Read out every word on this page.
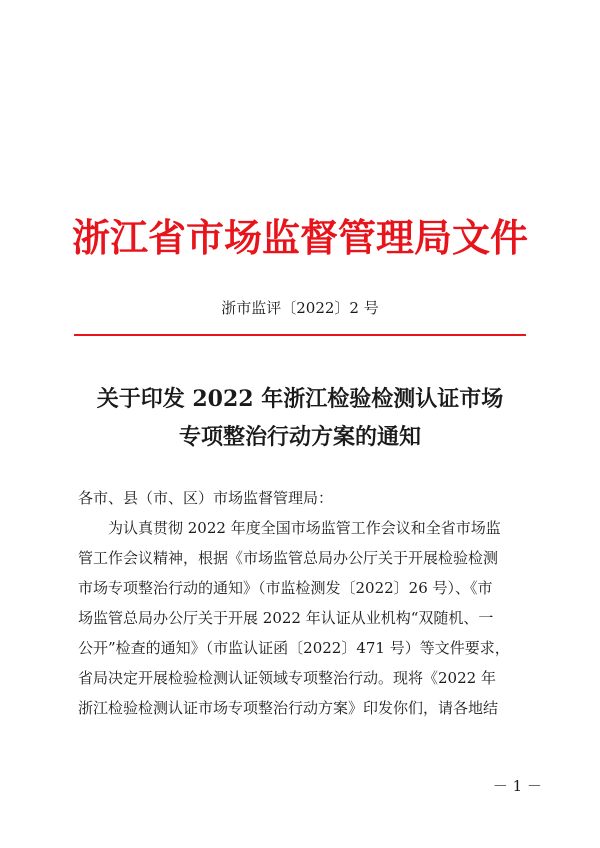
浙江省市场监督管理局文件
浙市监评〔2022〕2 号
关于印发 2022 年浙江检验检测认证市场
专项整治行动方案的通知
各市、县（市、区）市场监督管理局：
　　为认真贯彻 2022 年度全国市场监管工作会议和全省市场监
管工作会议精神，根据《市场监管总局办公厅关于开展检验检测
市场专项整治行动的通知》（市监检测发〔2022〕26 号）、《市
场监管总局办公厅关于开展 2022 年认证从业机构“双随机、一
公开”检查的通知》（市监认证函〔2022〕471 号）等文件要求，
省局决定开展检验检测认证领域专项整治行动。现将《2022 年
浙江检验检测认证市场专项整治行动方案》印发你们，请各地结
－ 1 －
